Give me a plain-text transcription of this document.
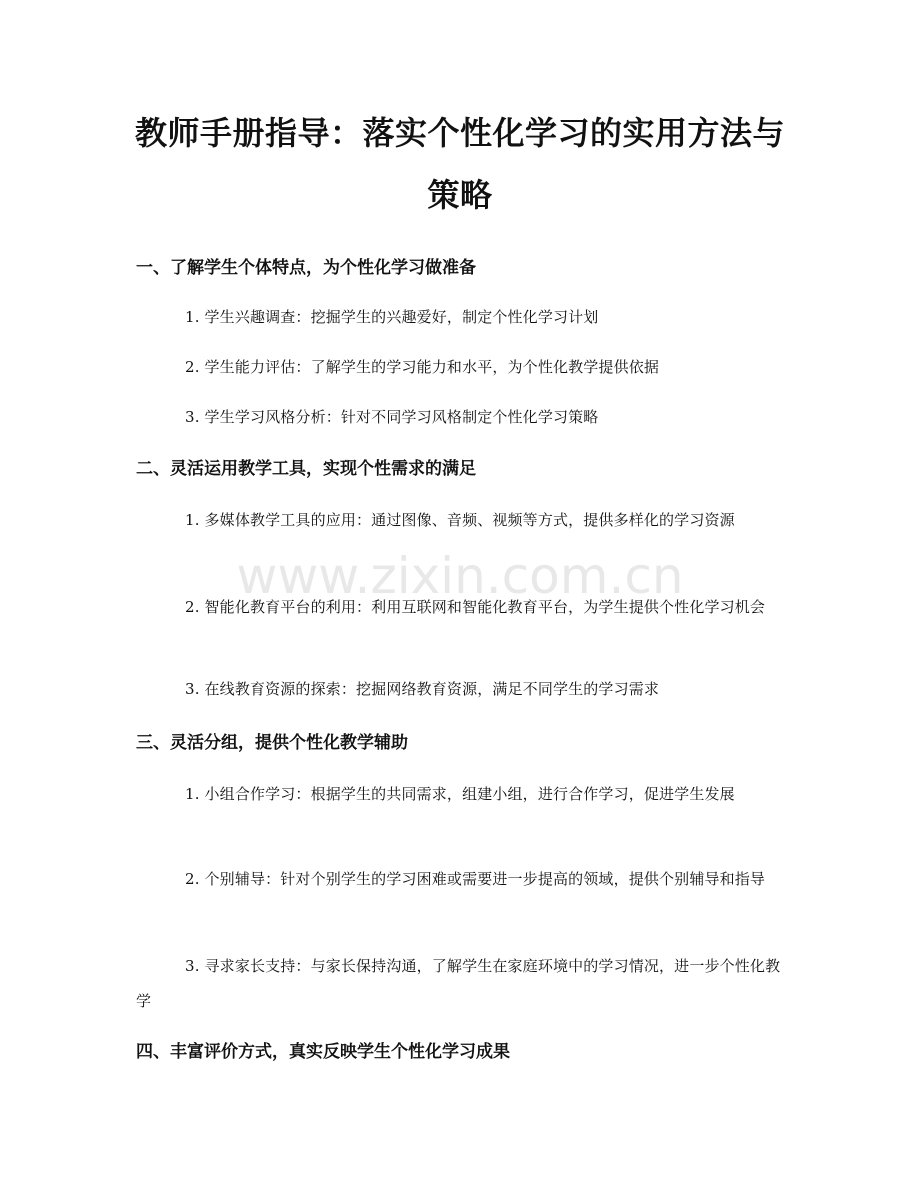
教师手册指导：落实个性化学习的实用方法与策略
一、了解学生个体特点，为个性化学习做准备

1. 学生兴趣调查：挖掘学生的兴趣爱好，制定个性化学习计划

2. 学生能力评估：了解学生的学习能力和水平，为个性化教学提供依据

3. 学生学习风格分析：针对不同学习风格制定个性化学习策略

二、灵活运用教学工具，实现个性需求的满足

1. 多媒体教学工具的应用：通过图像、音频、视频等方式，提供多样化的学习资源

2. 智能化教育平台的利用：利用互联网和智能化教育平台，为学生提供个性化学习机会

3. 在线教育资源的探索：挖掘网络教育资源，满足不同学生的学习需求

三、灵活分组，提供个性化教学辅助

1. 小组合作学习：根据学生的共同需求，组建小组，进行合作学习，促进学生发展

2. 个别辅导：针对个别学生的学习困难或需要进一步提高的领域，提供个别辅导和指导

3. 寻求家长支持：与家长保持沟通，了解学生在家庭环境中的学习情况，进一步个性化教学

四、丰富评价方式，真实反映学生个性化学习成果
www.zixin.com.cn
